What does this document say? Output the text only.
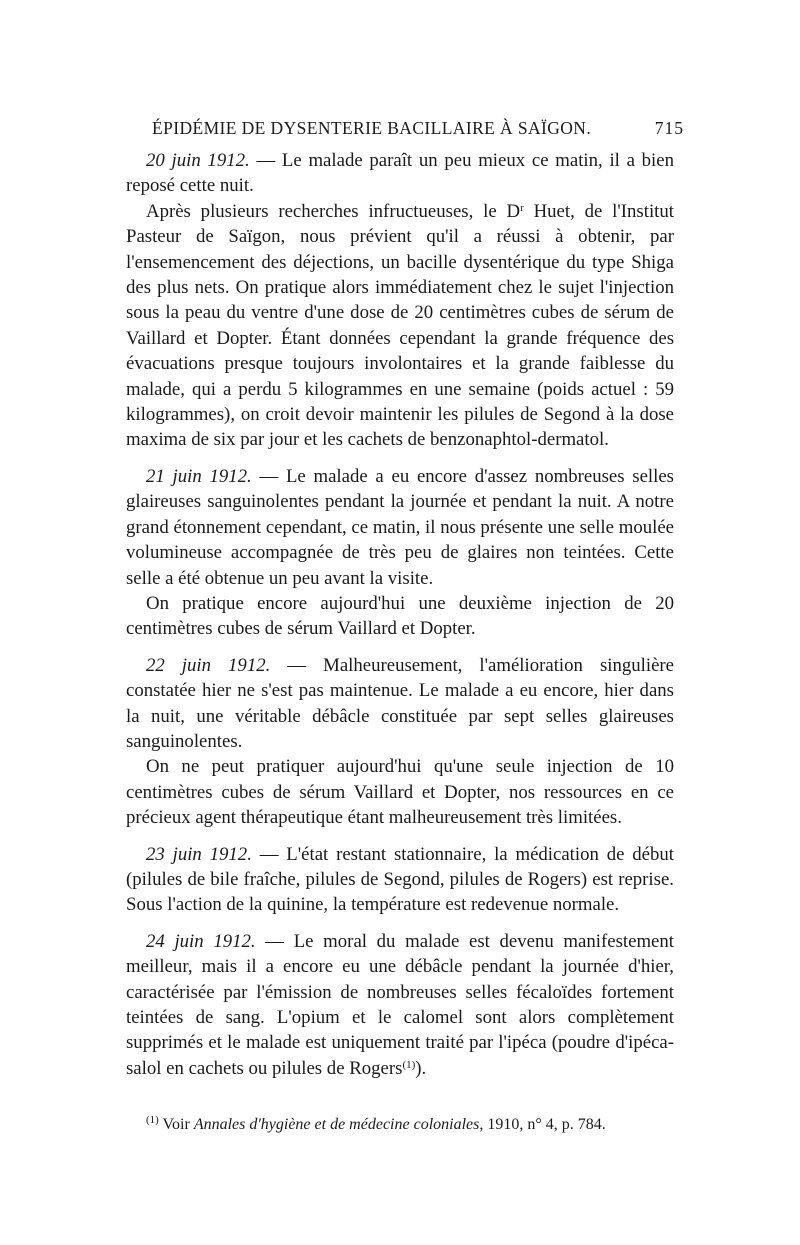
ÉPIDÉMIE DE DYSENTERIE BACILLAIRE À SAÏGON.	715

20 juin 1912. — Le malade paraît un peu mieux ce matin, il a bien reposé cette nuit.

Après plusieurs recherches infructueuses, le $D^r$ Huet, de l'Institut Pasteur de Saïgon, nous prévient qu'il a réussi à obtenir, par l'ensemencement des déjections, un bacille dysentérique du type Shiga des plus nets. On pratique alors immédiatement chez le sujet l'injection sous la peau du ventre d'une dose de 20 centimètres cubes de sérum de Vaillard et Dopter. Étant données cependant la grande fréquence des évacuations presque toujours involontaires et la grande faiblesse du malade, qui a perdu 5 kilogrammes en une semaine (poids actuel : 59 kilogrammes), on croit devoir maintenir les pilules de Segond à la dose maxima de six par jour et les cachets de benzonaphtol-dermatol.

21 juin 1912. — Le malade a eu encore d'assez nombreuses selles glaireuses sanguinolentes pendant la journée et pendant la nuit. A notre grand étonnement cependant, ce matin, il nous présente une selle moulée volumineuse accompagnée de très peu de glaires non teintées. Cette selle a été obtenue un peu avant la visite.

On pratique encore aujourd'hui une deuxième injection de 20 centimètres cubes de sérum Vaillard et Dopter.

22 juin 1912. — Malheureusement, l'amélioration singulière constatée hier ne s'est pas maintenue. Le malade a eu encore, hier dans la nuit, une véritable débâcle constituée par sept selles glaireuses sanguinolentes.

On ne peut pratiquer aujourd'hui qu'une seule injection de 10 centimètres cubes de sérum Vaillard et Dopter, nos ressources en ce précieux agent thérapeutique étant malheureusement très limitées.

23 juin 1912. — L'état restant stationnaire, la médication de début (pilules de bile fraîche, pilules de Segond, pilules de Rogers) est reprise. Sous l'action de la quinine, la température est redevenue normale.

24 juin 1912. — Le moral du malade est devenu manifestement meilleur, mais il a encore eu une débâcle pendant la journée d'hier, caractérisée par l'émission de nombreuses selles fécaloïdes fortement teintées de sang. L'opium et le calomel sont alors complètement supprimés et le malade est uniquement traité par l'ipéca (poudre d'ipéca-salol en cachets ou pilules de Rogers$^{(1)}$).

$^{(1)}$ Voir Annales d'hygiène et de médecine coloniales, 1910, n° 4, p. 784.
